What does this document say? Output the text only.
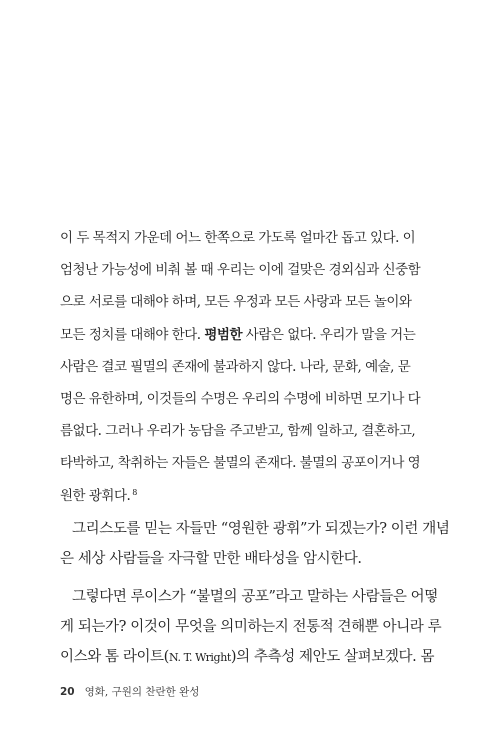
이 두 목적지 가운데 어느 한쪽으로 가도록 얼마간 돕고 있다. 이
엄청난 가능성에 비춰 볼 때 우리는 이에 걸맞은 경외심과 신중함
으로 서로를 대해야 하며, 모든 우정과 모든 사랑과 모든 놀이와
모든 정치를 대해야 한다. 평범한 사람은 없다. 우리가 말을 거는
사람은 결코 필멸의 존재에 불과하지 않다. 나라, 문화, 예술, 문
명은 유한하며, 이것들의 수명은 우리의 수명에 비하면 모기나 다
름없다. 그러나 우리가 농담을 주고받고, 함께 일하고, 결혼하고,
타박하고, 착취하는 자들은 불멸의 존재다. 불멸의 공포이거나 영
원한 광휘다. $^8$
그리스도를 믿는 자들만 “영원한 광휘”가 되겠는가? 이런 개념
은 세상 사람들을 자극할 만한 배타성을 암시한다.
그렇다면 루이스가 “불멸의 공포”라고 말하는 사람들은 어떻
게 되는가? 이것이 무엇을 의미하는지 전통적 견해뿐 아니라 루
이스와 톰 라이트(N. T. Wright)의 추측성 제안도 살펴보겠다. 몸
20 영화, 구원의 찬란한 완성
